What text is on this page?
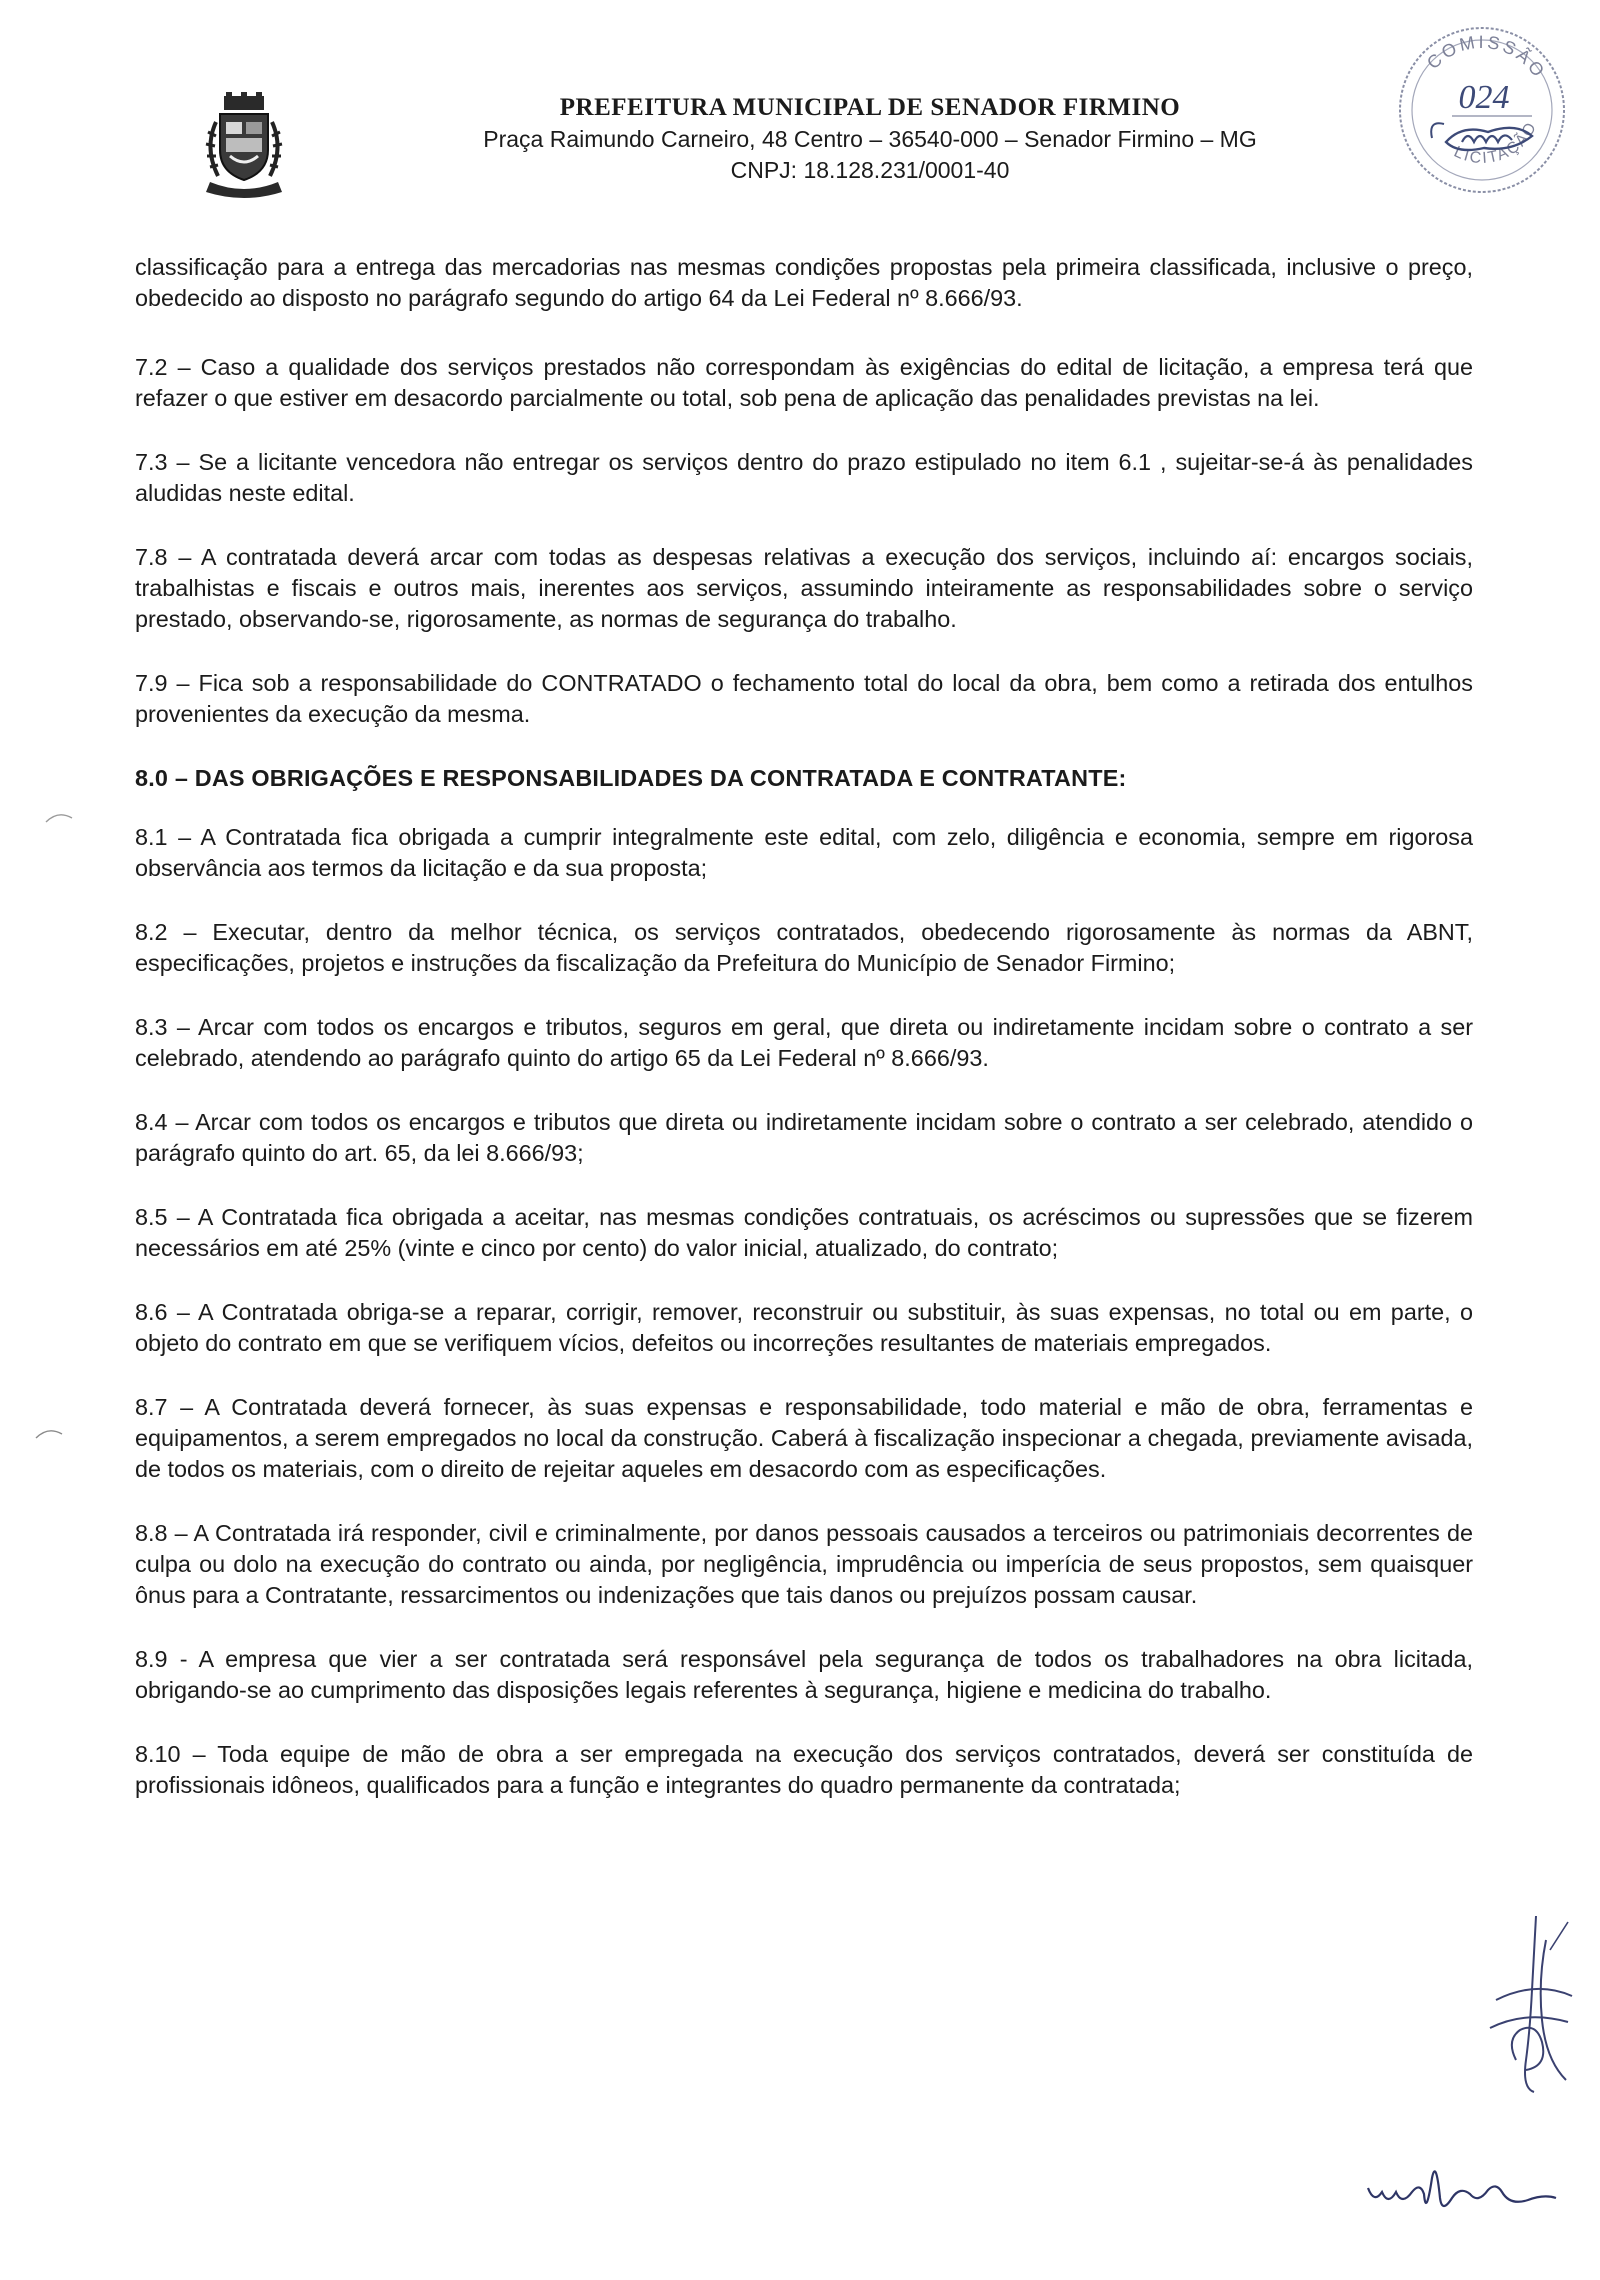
PREFEITURA MUNICIPAL DE SENADOR FIRMINO
Praça Raimundo Carneiro, 48 Centro – 36540-000 – Senador Firmino – MG
CNPJ: 18.128.231/0001-40
COMISSÃO
LICITAÇÃO
024

classificação para a entrega das mercadorias nas mesmas condições propostas pela primeira classificada, inclusive o preço, obedecido ao disposto no parágrafo segundo do artigo 64 da Lei Federal nº 8.666/93.

7.2 – Caso a qualidade dos serviços prestados não correspondam às exigências do edital de licitação, a empresa terá que refazer o que estiver em desacordo parcialmente ou total, sob pena de aplicação das penalidades previstas na lei.

7.3 – Se a licitante vencedora não entregar os serviços dentro do prazo estipulado no item 6.1 , sujeitar-se-á às penalidades aludidas neste edital.

7.8 – A contratada deverá arcar com todas as despesas relativas a execução dos serviços, incluindo aí: encargos sociais, trabalhistas e fiscais e outros mais, inerentes aos serviços, assumindo inteiramente as responsabilidades sobre o serviço prestado, observando-se, rigorosamente, as normas de segurança do trabalho.

7.9 – Fica sob a responsabilidade do CONTRATADO o fechamento total do local da obra, bem como a retirada dos entulhos provenientes da execução da mesma.

8.0 – DAS OBRIGAÇÕES E RESPONSABILIDADES DA CONTRATADA E CONTRATANTE:

8.1 – A Contratada fica obrigada a cumprir integralmente este edital, com zelo, diligência e economia, sempre em rigorosa observância aos termos da licitação e da sua proposta;

8.2 – Executar, dentro da melhor técnica, os serviços contratados, obedecendo rigorosamente às normas da ABNT, especificações, projetos e instruções da fiscalização da Prefeitura do Município de Senador Firmino;

8.3 – Arcar com todos os encargos e tributos, seguros em geral, que direta ou indiretamente incidam sobre o contrato a ser celebrado, atendendo ao parágrafo quinto do artigo 65 da Lei Federal nº 8.666/93.

8.4 – Arcar com todos os encargos e tributos que direta ou indiretamente incidam sobre o contrato a ser celebrado, atendido o parágrafo quinto do art. 65, da lei 8.666/93;

8.5 – A Contratada fica obrigada a aceitar, nas mesmas condições contratuais, os acréscimos ou supressões que se fizerem necessários em até 25% (vinte e cinco por cento) do valor inicial, atualizado, do contrato;

8.6 – A Contratada obriga-se a reparar, corrigir, remover, reconstruir ou substituir, às suas expensas, no total ou em parte, o objeto do contrato em que se verifiquem vícios, defeitos ou incorreções resultantes de materiais empregados.

8.7 – A Contratada deverá fornecer, às suas expensas e responsabilidade, todo material e mão de obra, ferramentas e equipamentos, a serem empregados no local da construção. Caberá à fiscalização inspecionar a chegada, previamente avisada, de todos os materiais, com o direito de rejeitar aqueles em desacordo com as especificações.

8.8 – A Contratada irá responder, civil e criminalmente, por danos pessoais causados a terceiros ou patrimoniais decorrentes de culpa ou dolo na execução do contrato ou ainda, por negligência, imprudência ou imperícia de seus propostos, sem quaisquer ônus para a Contratante, ressarcimentos ou indenizações que tais danos ou prejuízos possam causar.

8.9 - A empresa que vier a ser contratada será responsável pela segurança de todos os trabalhadores na obra licitada, obrigando-se ao cumprimento das disposições legais referentes à segurança, higiene e medicina do trabalho.

8.10 – Toda equipe de mão de obra a ser empregada na execução dos serviços contratados, deverá ser constituída de profissionais idôneos, qualificados para a função e integrantes do quadro permanente da contratada;
